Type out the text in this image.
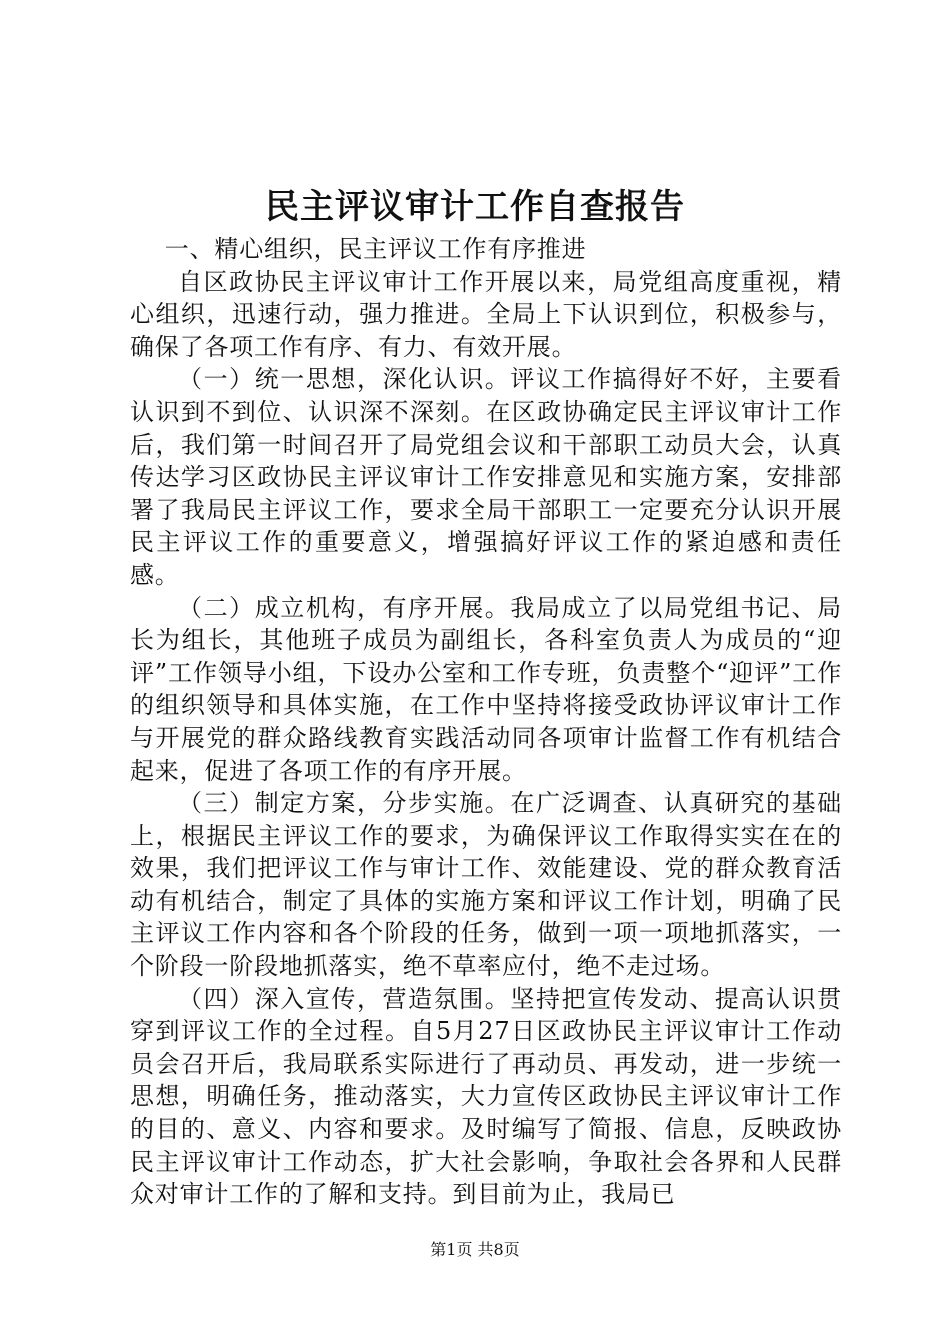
民主评议审计工作自查报告

一、精心组织，民主评议工作有序推进

自区政协民主评议审计工作开展以来，局党组高度重视，精心组织，迅速行动，强力推进。全局上下认识到位，积极参与，确保了各项工作有序、有力、有效开展。

（一）统一思想，深化认识。评议工作搞得好不好，主要看认识到不到位、认识深不深刻。在区政协确定民主评议审计工作后，我们第一时间召开了局党组会议和干部职工动员大会，认真传达学习区政协民主评议审计工作安排意见和实施方案，安排部署了我局民主评议工作，要求全局干部职工一定要充分认识开展民主评议工作的重要意义，增强搞好评议工作的紧迫感和责任感。

（二）成立机构，有序开展。我局成立了以局党组书记、局长为组长，其他班子成员为副组长，各科室负责人为成员的“迎评”工作领导小组，下设办公室和工作专班，负责整个“迎评”工作的组织领导和具体实施，在工作中坚持将接受政协评议审计工作与开展党的群众路线教育实践活动同各项审计监督工作有机结合起来，促进了各项工作的有序开展。

（三）制定方案，分步实施。在广泛调查、认真研究的基础上，根据民主评议工作的要求，为确保评议工作取得实实在在的效果，我们把评议工作与审计工作、效能建设、党的群众教育活动有机结合，制定了具体的实施方案和评议工作计划，明确了民主评议工作内容和各个阶段的任务，做到一项一项地抓落实，一个阶段一阶段地抓落实，绝不草率应付，绝不走过场。

（四）深入宣传，营造氛围。坚持把宣传发动、提高认识贯穿到评议工作的全过程。自5月27日区政协民主评议审计工作动员会召开后，我局联系实际进行了再动员、再发动，进一步统一思想，明确任务，推动落实，大力宣传区政协民主评议审计工作的目的、意义、内容和要求。及时编写了简报、信息，反映政协民主评议审计工作动态，扩大社会影响，争取社会各界和人民群众对审计工作的了解和支持。到目前为止，我局已

第1页 共8页
